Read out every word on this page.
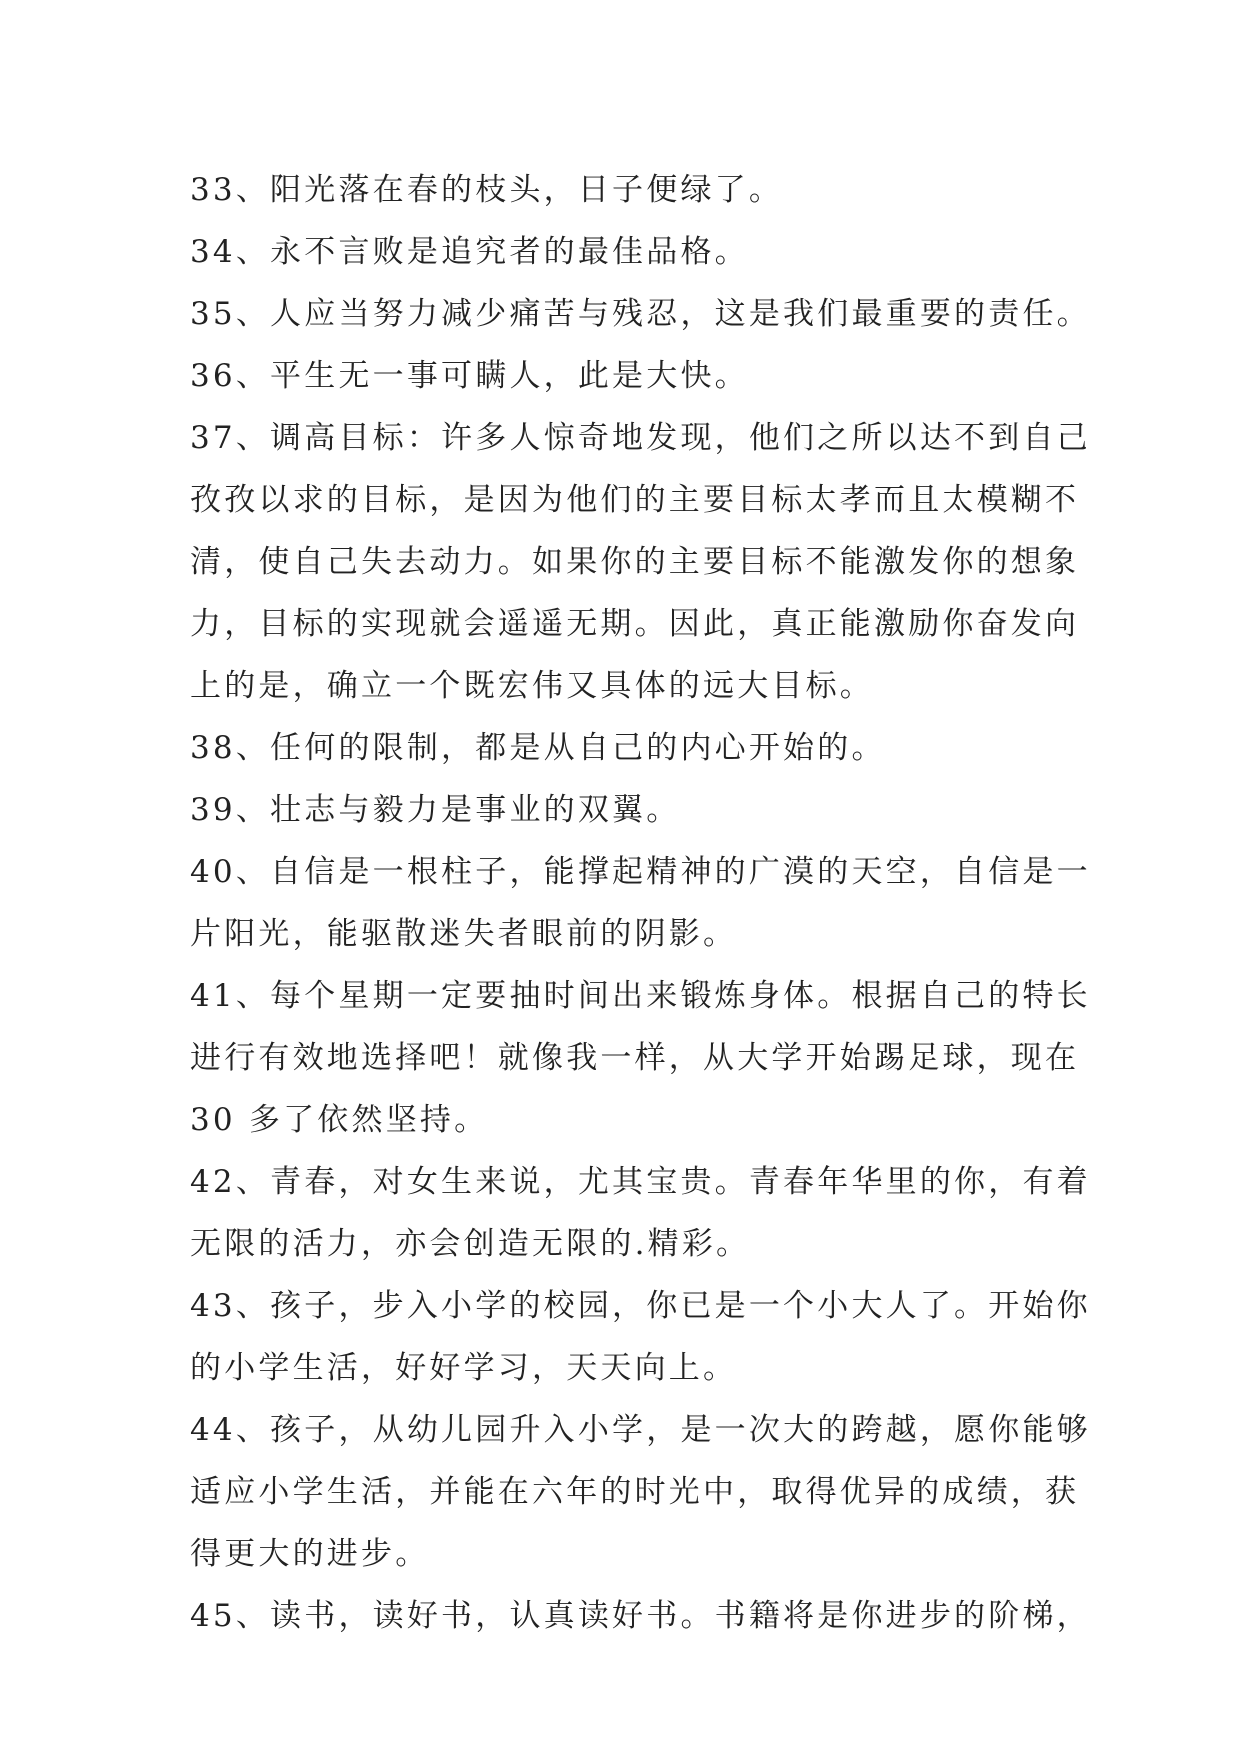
33、阳光落在春的枝头，日子便绿了。
34、永不言败是追究者的最佳品格。
35、人应当努力减少痛苦与残忍，这是我们最重要的责任。
36、平生无一事可瞒人，此是大快。
37、调高目标：许多人惊奇地发现，他们之所以达不到自己
孜孜以求的目标，是因为他们的主要目标太孝而且太模糊不
清，使自己失去动力。如果你的主要目标不能激发你的想象
力，目标的实现就会遥遥无期。因此，真正能激励你奋发向
上的是，确立一个既宏伟又具体的远大目标。
38、任何的限制，都是从自己的内心开始的。
39、壮志与毅力是事业的双翼。
40、自信是一根柱子，能撑起精神的广漠的天空，自信是一
片阳光，能驱散迷失者眼前的阴影。
41、每个星期一定要抽时间出来锻炼身体。根据自己的特长
进行有效地选择吧！就像我一样，从大学开始踢足球，现在
30 多了依然坚持。
42、青春，对女生来说，尤其宝贵。青春年华里的你，有着
无限的活力，亦会创造无限的.精彩。
43、孩子，步入小学的校园，你已是一个小大人了。开始你
的小学生活，好好学习，天天向上。
44、孩子，从幼儿园升入小学，是一次大的跨越，愿你能够
适应小学生活，并能在六年的时光中，取得优异的成绩，获
得更大的进步。
45、读书，读好书，认真读好书。书籍将是你进步的阶梯，
